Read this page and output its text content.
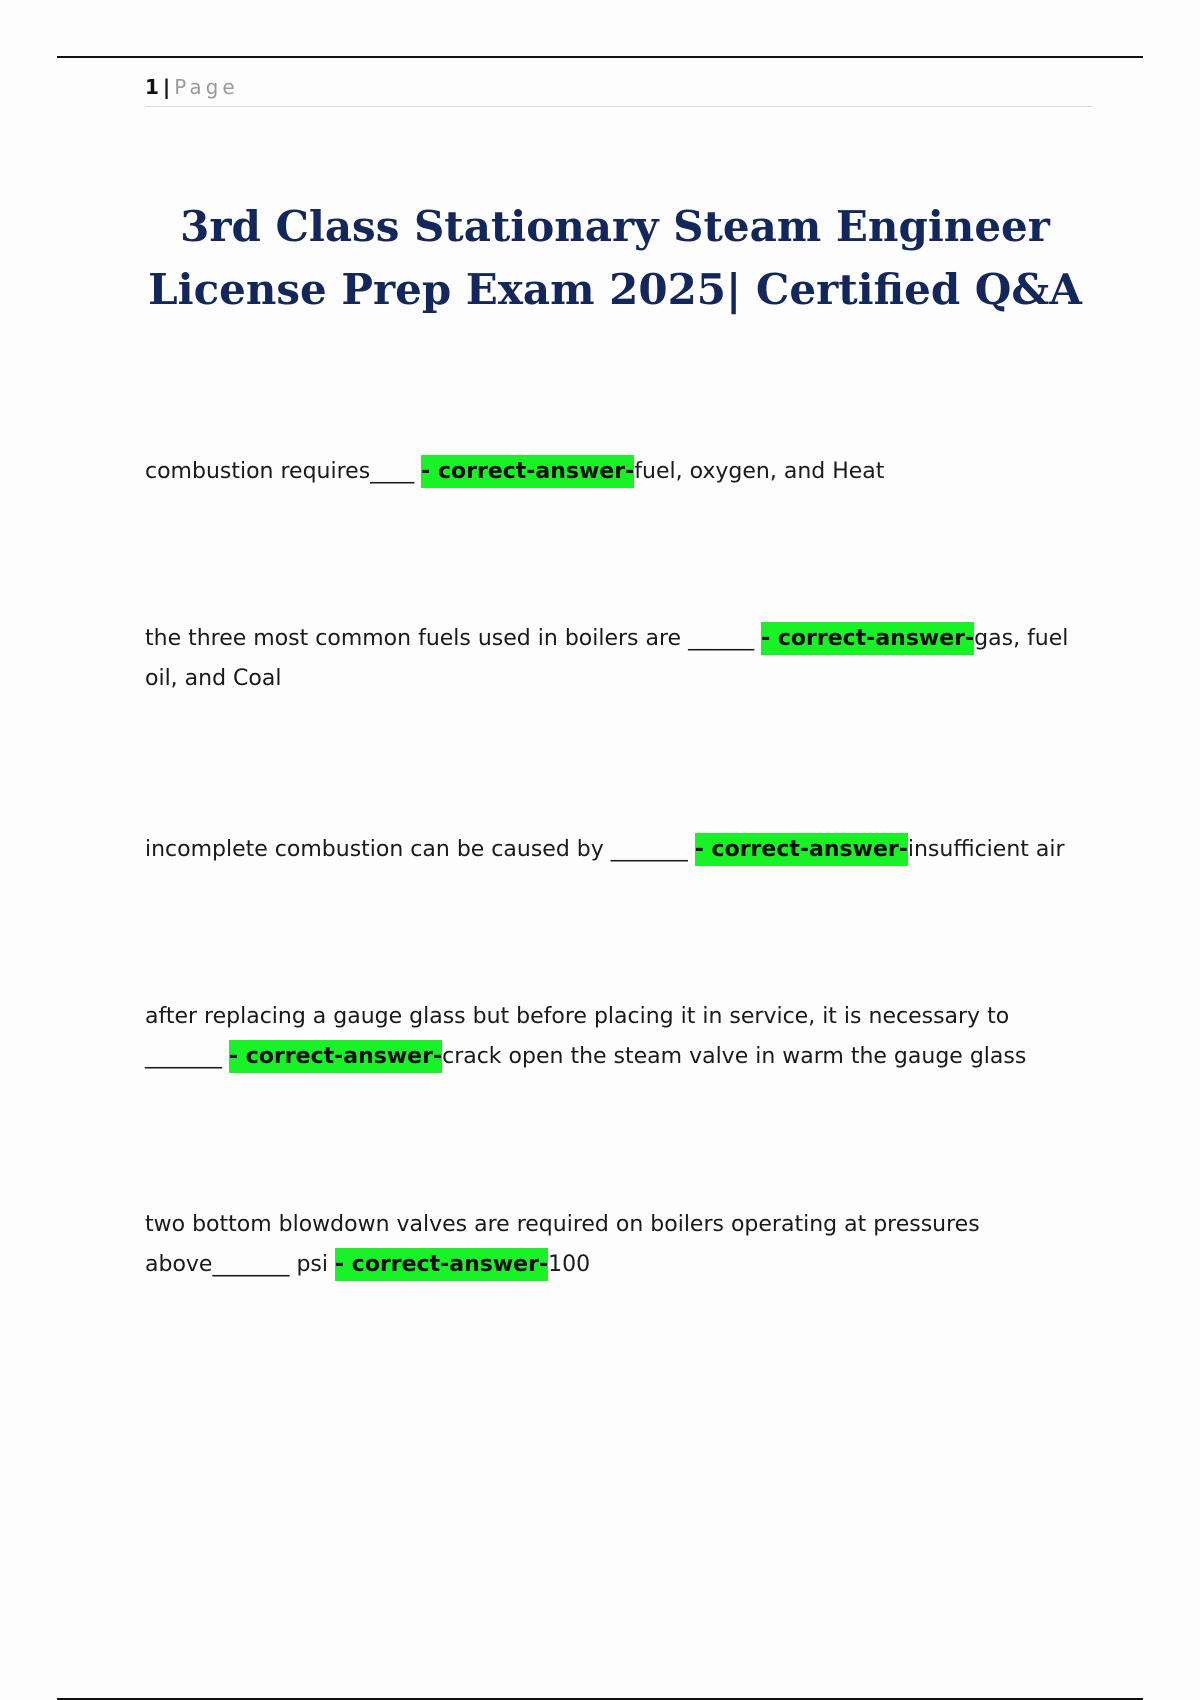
1 | Page
3rd Class Stationary Steam Engineer
License Prep Exam 2025| Certified Q&A

combustion requires____ - correct-answer-fuel, oxygen, and Heat

the three most common fuels used in boilers are ______ - correct-answer-gas, fuel oil, and Coal

incomplete combustion can be caused by _______ - correct-answer-insufficient air

after replacing a gauge glass but before placing it in service, it is necessary to _______ - correct-answer-crack open the steam valve in warm the gauge glass

two bottom blowdown valves are required on boilers operating at pressures above_______ psi - correct-answer-100
